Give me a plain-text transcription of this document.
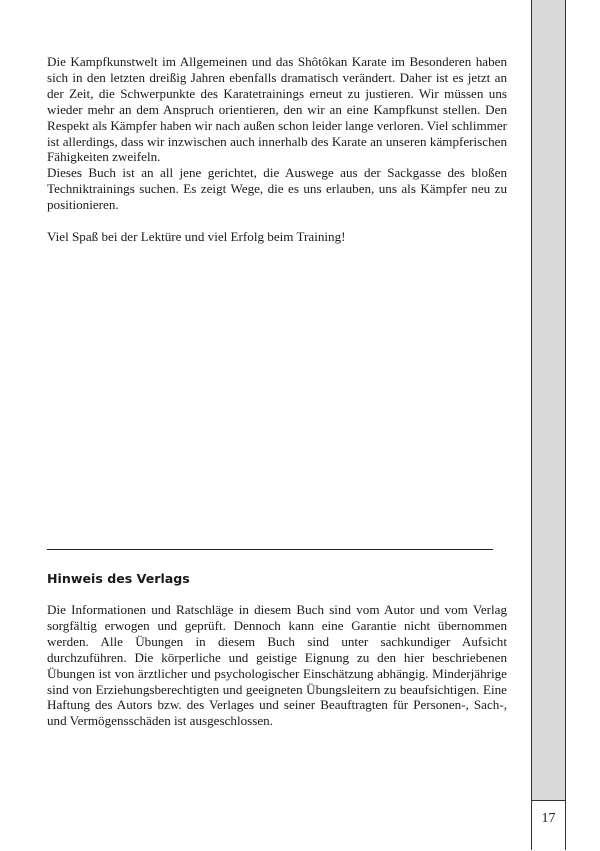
Die Kampfkunstwelt im Allgemeinen und das Shôtôkan Karate im Besonderen haben sich in den letzten dreißig Jahren ebenfalls dramatisch verändert. Daher ist es jetzt an der Zeit, die Schwerpunkte des Karatetrainings erneut zu justieren. Wir müssen uns wieder mehr an dem Anspruch orientieren, den wir an eine Kampfkunst stellen. Den Respekt als Kämpfer haben wir nach außen schon leider lange verloren. Viel schlimmer ist allerdings, dass wir inzwischen auch innerhalb des Karate an unseren kämpferischen Fähigkeiten zweifeln.

Dieses Buch ist an all jene gerichtet, die Auswege aus der Sackgasse des bloßen Techniktrainings suchen. Es zeigt Wege, die es uns erlauben, uns als Kämpfer neu zu positionieren.

Viel Spaß bei der Lektüre und viel Erfolg beim Training!

Hinweis des Verlags

Die Informationen und Ratschläge in diesem Buch sind vom Autor und vom Verlag sorgfältig erwogen und geprüft. Dennoch kann eine Garantie nicht übernommen werden. Alle Übungen in diesem Buch sind unter sachkundiger Aufsicht durchzuführen. Die körperliche und geistige Eignung zu den hier beschriebenen Übungen ist von ärztlicher und psychologischer Einschätzung abhängig. Minderjährige sind von Erziehungsberechtigten und geeigneten Übungsleitern zu beaufsichtigen. Eine Haftung des Autors bzw. des Verlages und seiner Beauftragten für Personen-, Sach-, und Vermögensschäden ist ausgeschlossen.

17
